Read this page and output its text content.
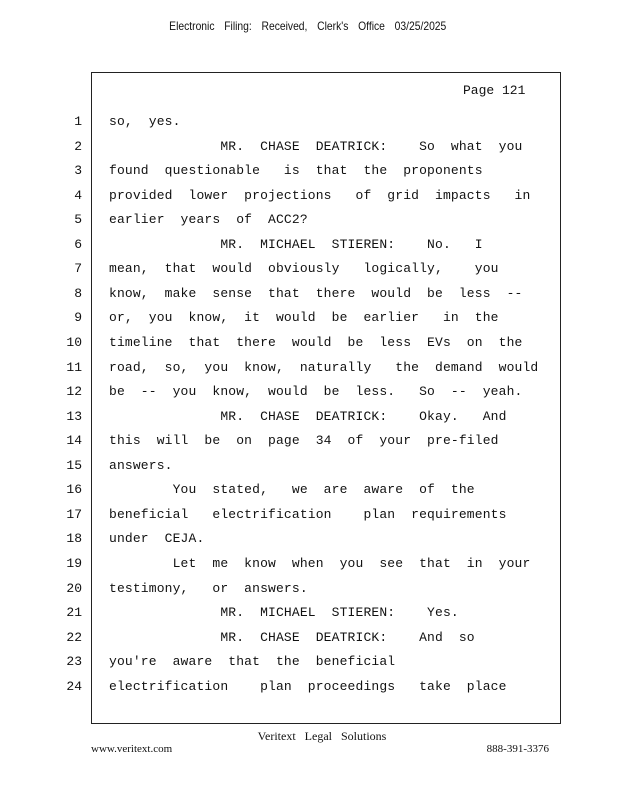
Electronic Filing: Received, Clerk's Office 03/25/2025
Page 121
1 so,  yes.
2 MR.  CHASE  DEATRICK:    So  what  you
3 found  questionable   is  that  the  proponents
4 provided  lower  projections   of  grid  impacts   in
5 earlier  years  of  ACC2?
6 MR.  MICHAEL  STIEREN:    No.   I
7 mean,  that  would  obviously   logically,    you
8 know,  make  sense  that  there  would  be  less  --
9 or,  you  know,  it  would  be  earlier   in  the
10 timeline  that  there  would  be  less  EVs  on  the
11 road,  so,  you  know,  naturally   the  demand  would
12 be  --  you  know,  would  be  less.   So  --  yeah.
13 MR.  CHASE  DEATRICK:    Okay.   And
14 this  will  be  on  page  34  of  your  pre-filed
15 answers.
16 You  stated,   we  are  aware  of  the
17 beneficial   electrification    plan  requirements
18 under  CEJA.
19 Let  me  know  when  you  see  that  in  your
20 testimony,   or  answers.
21 MR.  MICHAEL  STIEREN:    Yes.
22 MR.  CHASE  DEATRICK:    And  so
23 you're  aware  that  the  beneficial
24 electrification    plan  proceedings   take  place
Veritext Legal Solutions
www.veritext.com	888-391-3376
